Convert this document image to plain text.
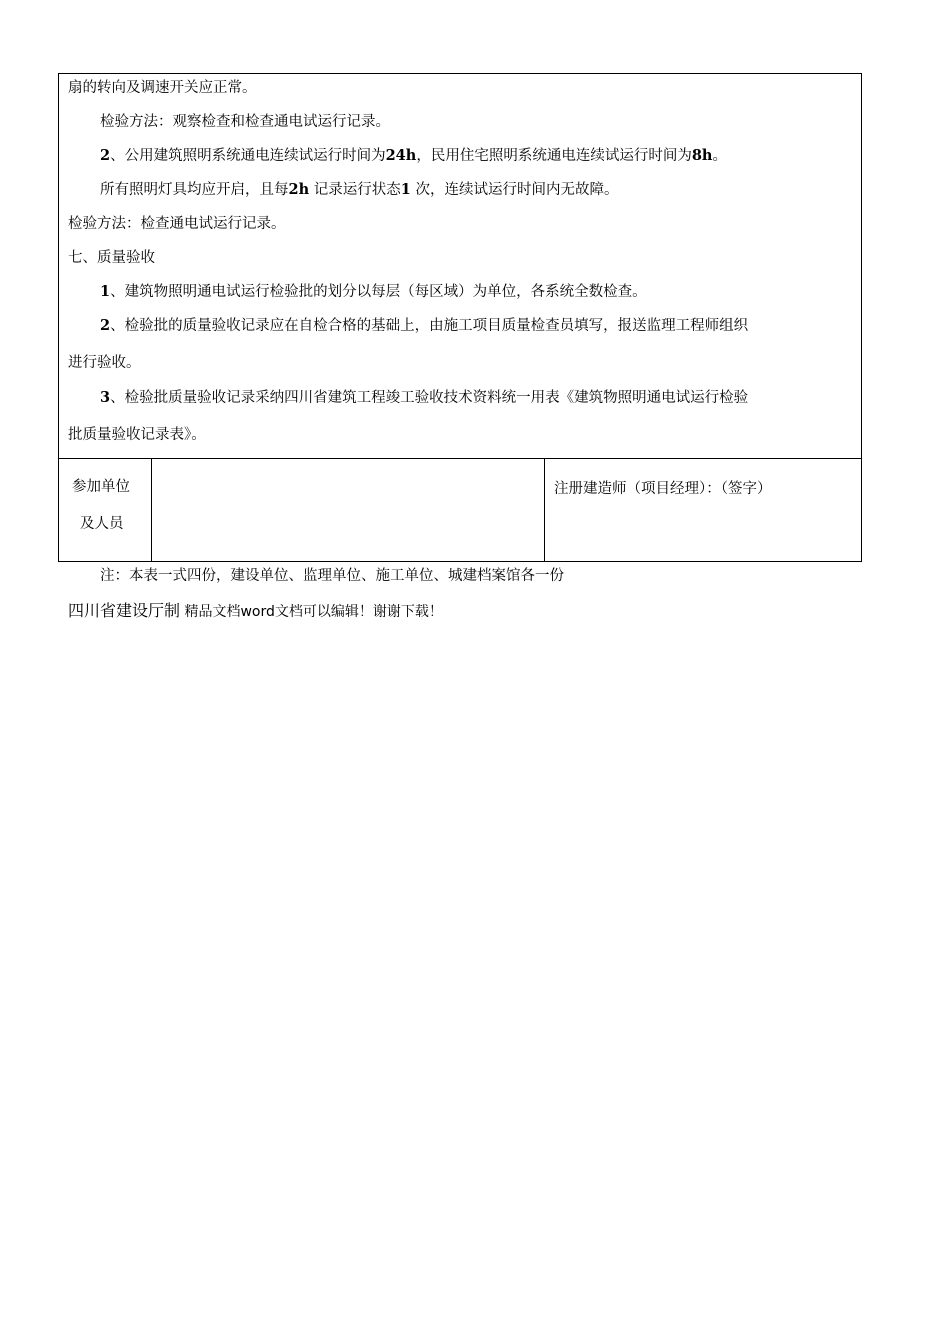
扇的转向及调速开关应正常。
检验方法：观察检查和检查通电试运行记录。
2、公用建筑照明系统通电连续试运行时间为24h，民用住宅照明系统通电连续试运行时间为8h。
所有照明灯具均应开启，且每2h 记录运行状态1 次，连续试运行时间内无故障。
检验方法：检查通电试运行记录。
七、质量验收
1、建筑物照明通电试运行检验批的划分以每层（每区域）为单位，各系统全数检查。
2、检验批的质量验收记录应在自检合格的基础上，由施工项目质量检查员填写，报送监理工程师组织
进行验收。
3、检验批质量验收记录采纳四川省建筑工程竣工验收技术资料统一用表《建筑物照明通电试运行检验
批质量验收记录表》。
参加单位
及人员
注册建造师（项目经理）：（签字）
注：本表一式四份，建设单位、监理单位、施工单位、城建档案馆各一份
四川省建设厅制 精品文档word文档可以编辑！谢谢下载！
